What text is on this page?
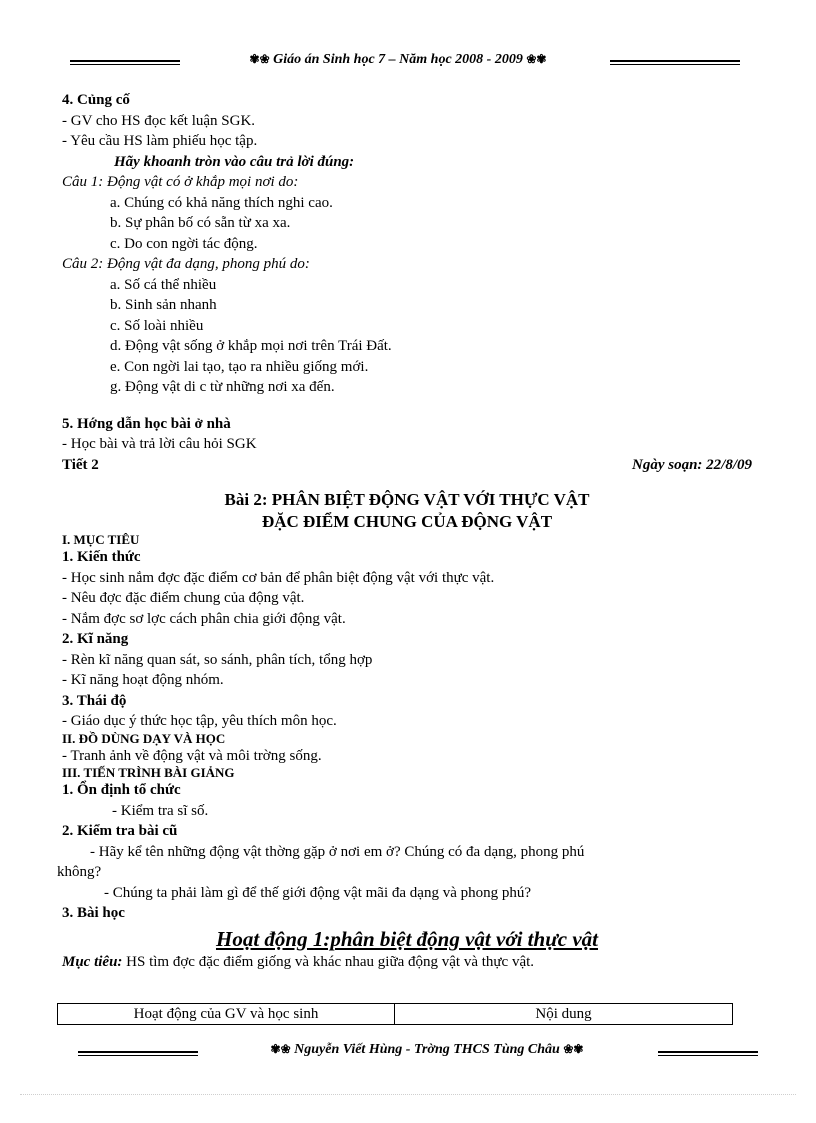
✾❀ Giáo án Sinh học 7 – Năm học 2008 - 2009 ❀✾
4. Củng cố
- GV cho HS đọc kết luận SGK.
- Yêu cầu HS làm phiếu học tập.
Hãy khoanh tròn vào câu trả lời đúng:
Câu 1: Động vật có ở khắp mọi nơi do:
a. Chúng có khả năng thích nghi cao.
b. Sự phân bố có sẵn từ xa xa.
c. Do con ngời tác động.
Câu 2: Động vật đa dạng, phong phú do:
a. Số cá thể nhiều
b. Sinh sản nhanh
c. Số loài nhiều
d. Động vật sống ở khắp mọi nơi trên Trái Đất.
e. Con ngời lai tạo, tạo ra nhiều giống mới.
g. Động vật di c từ những nơi xa đến.
5. Hớng dẫn học bài ở nhà
- Học bài và trả lời câu hỏi SGK
Tiết 2	Ngày soạn: 22/8/09
Bài 2: PHÂN BIỆT ĐỘNG VẬT VỚI THỰC VẬT
ĐẶC ĐIỂM CHUNG CỦA ĐỘNG VẬT
I. MỤC TIÊU
1. Kiến thức
- Học sinh nắm đợc đặc điểm cơ bản để phân biệt động vật với thực vật.
- Nêu đợc đặc điểm chung của động vật.
- Nắm đợc sơ lợc cách phân chia giới động vật.
2. Kĩ năng
- Rèn kĩ năng quan sát, so sánh, phân tích, tổng hợp
- Kĩ năng hoạt động nhóm.
3. Thái độ
- Giáo dục ý thức học tập, yêu thích môn học.
II. ĐỒ DÙNG DẠY VÀ HỌC
- Tranh ảnh về động vật và môi trờng sống.
III. TIẾN TRÌNH BÀI GIẢNG
1. Ổn định tổ chức
- Kiểm tra sĩ số.
2. Kiểm tra bài cũ
- Hãy kể tên những động vật thờng gặp ở nơi em ở? Chúng có đa dạng, phong phú
không?
- Chúng ta phải làm gì để thế giới động vật mãi đa dạng và phong phú?
3. Bài học
Hoạt động 1:phân biệt động vật với thực vật
Mục tiêu: HS tìm đợc đặc điểm giống và khác nhau giữa động vật và thực vật.
Hoạt động của GV và học sinh	Nội dung
✾❀ Nguyễn Viết Hùng - Trờng THCS Tùng Châu ❀✾
